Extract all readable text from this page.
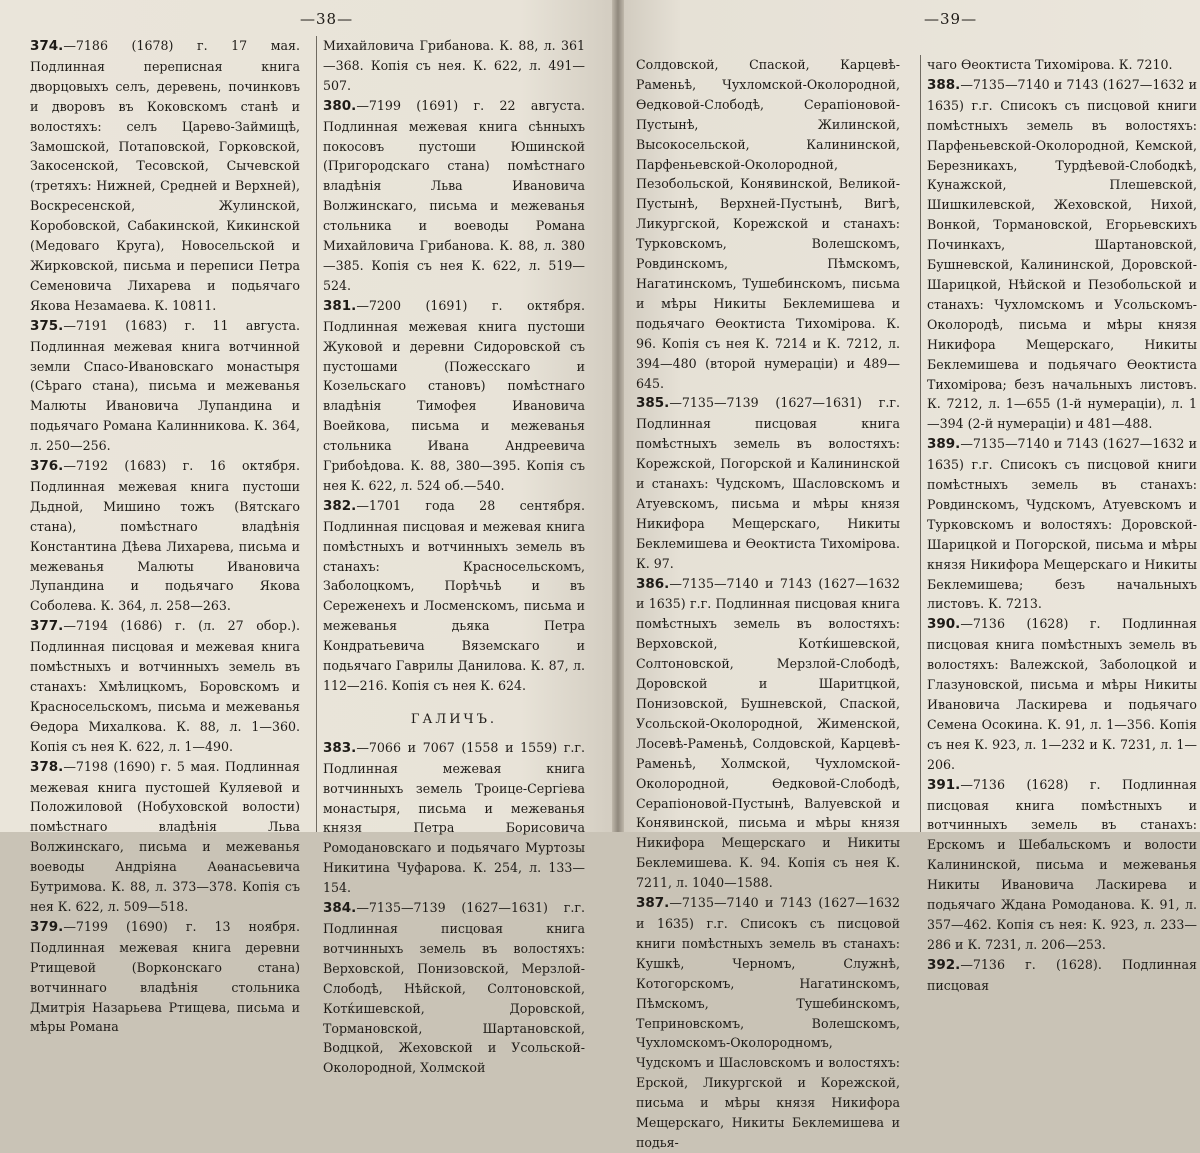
—38—

374.—7186 (1678) г. 17 мая. Подлинная переписная книга дворцовыхъ селъ, деревень, починковъ и дворовъ въ Коковскомъ станѣ и волостяхъ: селъ Царево-Займищѣ, Замошской, Потаповской, Горковской, Закосенской, Тесовской, Сычевской (третяхъ: Нижней, Средней и Верхней), Воскресенской, Жулинской, Коробовской, Сабакинской, Кикинской (Медоваго Круга), Новосельской и Жирковской, письма и переписи Петра Семеновича Лихарева и подьячаго Якова Незамаева. К. 10811.

375.—7191 (1683) г. 11 августа. Подлинная межевая книга вотчинной земли Спасо-Ивановскаго монастыря (Сѣраго стана), письма и межеванья Малюты Ивановича Лупандина и подьячаго Романа Калинникова. К. 364, л. 250—256.

376.—7192 (1683) г. 16 октября. Подлинная межевая книга пустоши Дьдной, Мишино тожъ (Вятскаго стана), помѣстнаго владѣнія Константина Дѣева Лихарева, письма и межеванья Малюты Ивановича Лупандина и подьячаго Якова Соболева. К. 364, л. 258—263.

377.—7194 (1686) г. (л. 27 обор.). Подлинная писцовая и межевая книга помѣстныхъ и вотчинныхъ земель въ станахъ: Хмѣлицкомъ, Боровскомъ и Красносельскомъ, письма и межеванья Ѳедора Михалкова. К. 88, л. 1—360. Копія съ нея К. 622, л. 1—490.

378.—7198 (1690) г. 5 мая. Подлинная межевая книга пустошей Куляевой и Положиловой (Нобуховской волости) помѣстнаго владѣнія Льва Волжинскаго, письма и межеванья воеводы Андріяна Аѳанасьевича Бутримова. К. 88, л. 373—378. Копія съ нея К. 622, л. 509—518.

379.—7199 (1690) г. 13 ноября. Подлинная межевая книга деревни Ртищевой (Ворконскаго стана) вотчиннаго владѣнія стольника Дмитрія Назарьева Ртищева, письма и мѣры Романа

Михайловича Грибанова. К. 88, л. 361—368. Копія съ нея. К. 622, л. 491—507.

380.—7199 (1691) г. 22 августа. Подлинная межевая книга сѣнныхъ покосовъ пустоши Юшинской (Пригородскаго стана) помѣстнаго владѣнія Льва Ивановича Волжинскаго, письма и межеванья стольника и воеводы Романа Михайловича Грибанова. К. 88, л. 380—385. Копія съ нея К. 622, л. 519—524.

381.—7200 (1691) г. октября. Подлинная межевая книга пустоши Жуковой и деревни Сидоровской съ пустошами (Пожесскаго и Козельскаго становъ) помѣстнаго владѣнія Тимофея Ивановича Воейкова, письма и межеванья стольника Ивана Андреевича Грибоѣдова. К. 88, 380—395. Копія съ нея К. 622, л. 524 об.—540.

382.—1701 года 28 сентября. Подлинная писцовая и межевая книга помѣстныхъ и вотчинныхъ земель въ станахъ: Красносельскомъ, Заболоцкомъ, Порѣчьѣ и въ Сереженехъ и Лосменскомъ, письма и межеванья дьяка Петра Кондратьевича Вяземскаго и подьячаго Гаврилы Данилова. К. 87, л. 112—216. Копія съ нея К. 624.

ГАЛИЧЪ.

383.—7066 и 7067 (1558 и 1559) г.г. Подлинная межевая книга вотчинныхъ земель Троице-Сергіева монастыря, письма и межеванья князя Петра Борисовича Ромодановскаго и подьячаго Муртозы Никитина Чуфарова. К. 254, л. 133—154.

384.—7135—7139 (1627—1631) г.г. Подлинная писцовая книга вотчинныхъ земель въ волостяхъ: Верховской, Понизовской, Мерзлой-Слободѣ, Нѣйской, Солтоновской, Котќишевской, Доровской, Тормановской, Шартановской, Водцкой, Жеховской и Усольской-Околородной, Холмской

—39—

Солдовской, Спаской, Карцевѣ-Раменьѣ, Чухломской-Околородной, Ѳедковой-Слободѣ, Серапіоновой-Пустынѣ, Жилинской, Высокосельской, Калининской, Парфеньевской-Околородной, Пезобольской, Конявинской, Великой-Пустынѣ, Верхней-Пустынѣ, Вигѣ, Ликургской, Корежской и станахъ: Турковскомъ, Волешскомъ, Ровдинскомъ, Пѣмскомъ, Нагатинскомъ, Тушебинскомъ, письма и мѣры Никиты Беклемишева и подьячаго Ѳеоктиста Тихомірова. К. 96. Копія съ нея К. 7214 и К. 7212, л. 394—480 (второй нумераціи) и 489—645.

385.—7135—7139 (1627—1631) г.г. Подлинная писцовая книга помѣстныхъ земель въ волостяхъ: Корежской, Погорской и Калининской и станахъ: Чудскомъ, Шасловскомъ и Атуевскомъ, письма и мѣры князя Никифора Мещерскаго, Никиты Беклемишева и Ѳеоктиста Тихомірова. К. 97.

386.—7135—7140 и 7143 (1627—1632 и 1635) г.г. Подлинная писцовая книга помѣстныхъ земель въ волостяхъ: Верховской, Котќишевской, Солтоновской, Мерзлой-Слободѣ, Доровской и Шаритцкой, Понизовской, Бушневской, Спаской, Усольской-Околородной, Жименской, Лосевѣ-Раменьѣ, Солдовской, Карцевѣ-Раменьѣ, Холмской, Чухломской-Околородной, Ѳедковой-Слободѣ, Серапіоновой-Пустынѣ, Валуевской и Конявинской, письма и мѣры князя Никифора Мещерскаго и Никиты Беклемишева. К. 94. Копія съ нея К. 7211, л. 1040—1588.

387.—7135—7140 и 7143 (1627—1632 и 1635) г.г. Списокъ съ писцовой книги помѣстныхъ земель въ станахъ: Кушкѣ, Черномъ, Служнѣ, Котогорскомъ, Нагатинскомъ, Пѣмскомъ, Тушебинскомъ, Теприновскомъ, Волешскомъ, Чухломскомъ-Околородномъ, Чудскомъ и Шасловскомъ и волостяхъ: Ерской, Ликургской и Корежской, письма и мѣры князя Никифора Мещерскаго, Никиты Беклемишева и подья-

чаго Ѳеоктиста Тихомірова. К. 7210.

388.—7135—7140 и 7143 (1627—1632 и 1635) г.г. Списокъ съ писцовой книги помѣстныхъ земель въ волостяхъ: Парфеньевской-Околородной, Кемской, Березникахъ, Турдѣевой-Слободкѣ, Кунажской, Плешевской, Шишкилевской, Жеховской, Нихой, Вонкой, Тормановской, Егорьевскихъ Починкахъ, Шартановской, Бушневской, Калининской, Доровской-Шарицкой, Нѣйской и Пезобольской и станахъ: Чухломскомъ и Усольскомъ-Околородѣ, письма и мѣры князя Никифора Мещерскаго, Никиты Беклемишева и подьячаго Ѳеоктиста Тихомірова; безъ начальныхъ листовъ. К. 7212, л. 1—655 (1-й нумераціи), л. 1—394 (2-й нумераціи) и 481—488.

389.—7135—7140 и 7143 (1627—1632 и 1635) г.г. Списокъ съ писцовой книги помѣстныхъ земель въ станахъ: Ровдинскомъ, Чудскомъ, Атуевскомъ и Турковскомъ и волостяхъ: Доровской-Шарицкой и Погорской, письма и мѣры князя Никифора Мещерскаго и Никиты Беклемишева; безъ начальныхъ листовъ. К. 7213.

390.—7136 (1628) г. Подлинная писцовая книга помѣстныхъ земель въ волостяхъ: Валежской, Заболоцкой и Глазуновской, письма и мѣры Никиты Ивановича Ласкирева и подьячаго Семена Осокина. К. 91, л. 1—356. Копія съ нея К. 923, л. 1—232 и К. 7231, л. 1—206.

391.—7136 (1628) г. Подлинная писцовая книга помѣстныхъ и вотчинныхъ земель въ станахъ: Ерскомъ и Шебальскомъ и волости Калининской, письма и межеванья Никиты Ивановича Ласкирева и подьячаго Ждана Ромоданова. К. 91, л. 357—462. Копія съ нея: К. 923, л. 233—286 и К. 7231, л. 206—253.

392.—7136 г. (1628). Подлинная писцовая
